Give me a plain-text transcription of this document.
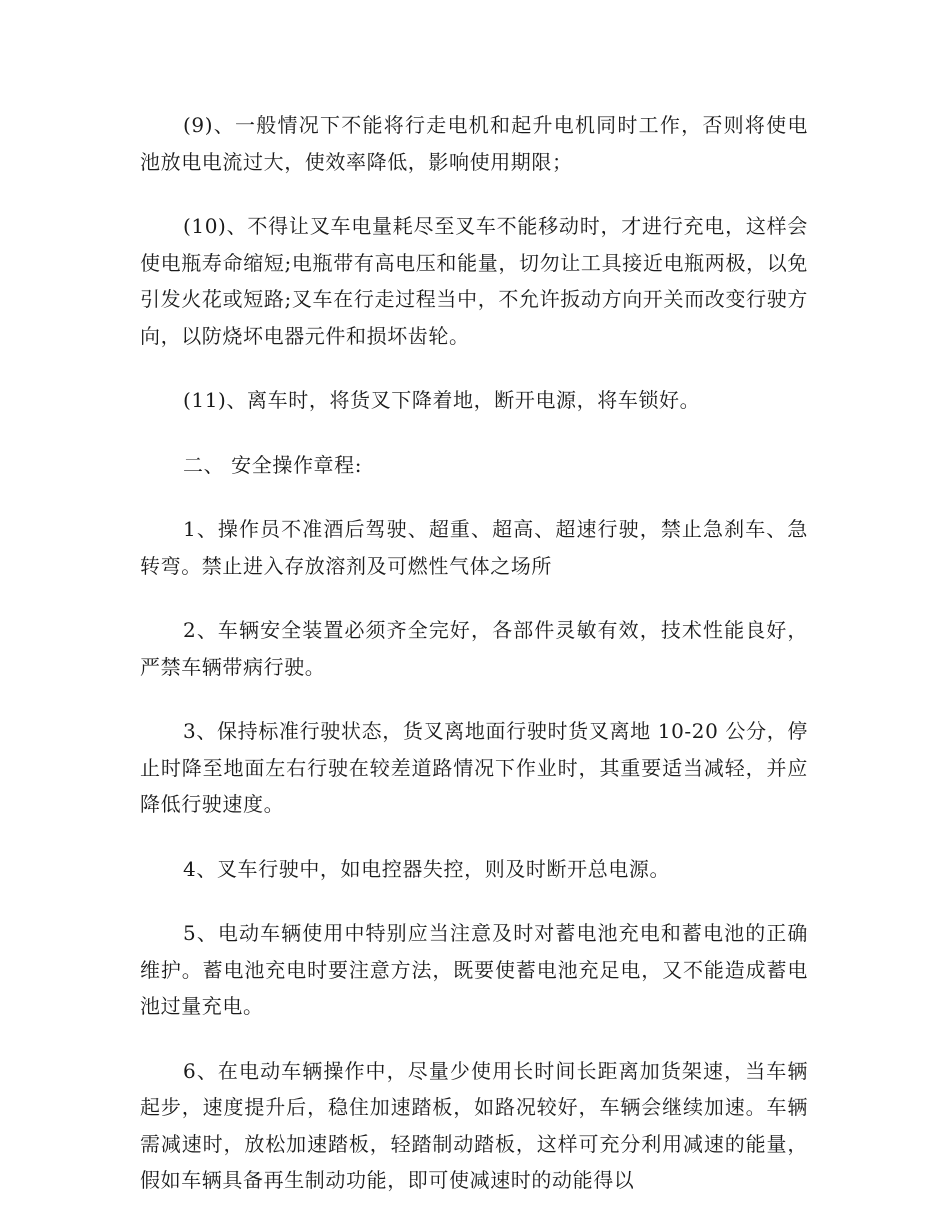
(9)、一般情况下不能将行走电机和起升电机同时工作，否则将使电池放电电流过大，使效率降低，影响使用期限；

(10)、不得让叉车电量耗尽至叉车不能移动时，才进行充电，这样会使电瓶寿命缩短;电瓶带有高电压和能量，切勿让工具接近电瓶两极，以免引发火花或短路;叉车在行走过程当中，不允许扳动方向开关而改变行驶方向，以防烧坏电器元件和损坏齿轮。

(11)、离车时，将货叉下降着地，断开电源，将车锁好。

二、 安全操作章程:

1、操作员不准酒后驾驶、超重、超高、超速行驶，禁止急刹车、急转弯。禁止进入存放溶剂及可燃性气体之场所

2、车辆安全装置必须齐全完好，各部件灵敏有效，技术性能良好，严禁车辆带病行驶。

3、保持标准行驶状态，货叉离地面行驶时货叉离地 10-20 公分，停止时降至地面左右行驶在较差道路情况下作业时，其重要适当减轻，并应降低行驶速度。

4、叉车行驶中，如电控器失控，则及时断开总电源。

5、电动车辆使用中特别应当注意及时对蓄电池充电和蓄电池的正确维护。蓄电池充电时要注意方法，既要使蓄电池充足电，又不能造成蓄电池过量充电。

6、在电动车辆操作中，尽量少使用长时间长距离加货架速，当车辆起步，速度提升后，稳住加速踏板，如路况较好，车辆会继续加速。车辆需减速时，放松加速踏板，轻踏制动踏板，这样可充分利用减速的能量，假如车辆具备再生制动功能，即可使减速时的动能得以
